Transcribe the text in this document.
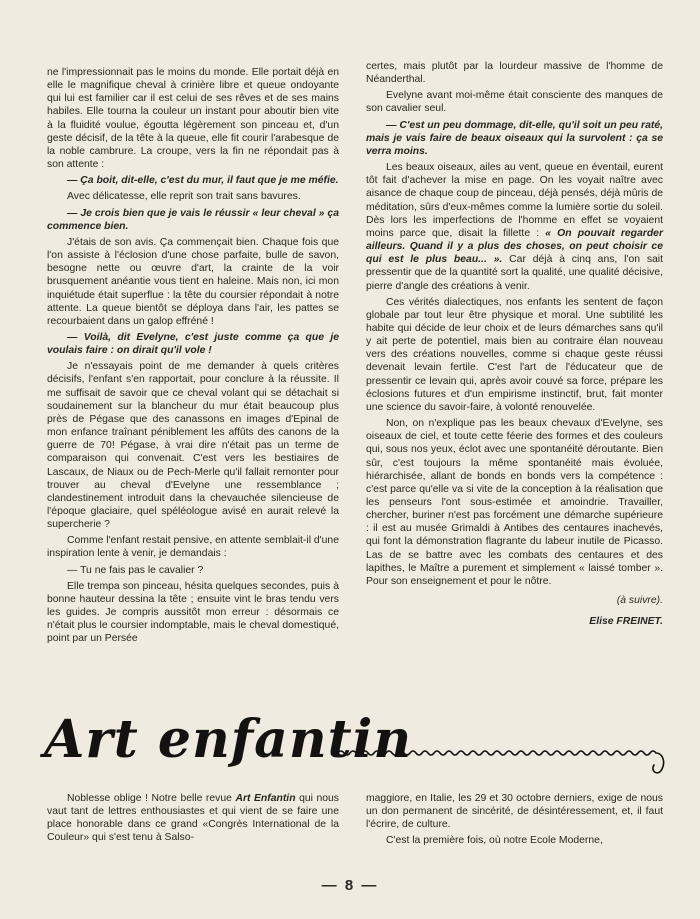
ne l'impressionnait pas le moins du monde. Elle portait déjà en elle le magnifique cheval à crinière libre et queue ondoyante qui lui est familier car il est celui de ses rêves et de ses mains habiles. Elle tourna la couleur un instant pour aboutir bien vite à la fluidité voulue, égoutta légèrement son pinceau et, d'un geste décisif, de la tête à la queue, elle fit courir l'arabesque de la noble cambrure. La croupe, vers la fin ne répondait pas à son attente :

— Ça boit, dit-elle, c'est du mur, il faut que je me méfie.

Avec délicatesse, elle reprit son trait sans bavures.

— Je crois bien que je vais le réussir « leur cheval » ça commence bien.

J'étais de son avis. Ça commençait bien. Chaque fois que l'on assiste à l'éclosion d'une chose parfaite, bulle de savon, besogne nette ou œuvre d'art, la crainte de la voir brusquement anéantie vous tient en haleine. Mais non, ici mon inquiétude était superflue : la tête du coursier répondait à notre attente. La queue bientôt se déploya dans l'air, les pattes se recourbaient dans un galop effréné !

— Voilà, dit Evelyne, c'est juste comme ça que je voulais faire : on dirait qu'il vole !

Je n'essayais point de me demander à quels critères décisifs, l'enfant s'en rapportait, pour conclure à la réussite. Il me suffisait de savoir que ce cheval volant qui se détachait si soudainement sur la blancheur du mur était beaucoup plus près de Pégase que des canassons en images d'Epinal de mon enfance traînant péniblement les affûts des canons de la guerre de 70! Pégase, à vrai dire n'était pas un terme de comparaison qui convenait. C'est vers les bestiaires de Lascaux, de Niaux ou de Pech-Merle qu'il fallait remonter pour trouver au cheval d'Evelyne une ressemblance ; clandestinement introduit dans la chevauchée silencieuse de l'époque glaciaire, quel spéléologue avisé en aurait relevé la supercherie ?

Comme l'enfant restait pensive, en attente semblait-il d'une inspiration lente à venir, je demandais :

— Tu ne fais pas le cavalier ?

Elle trempa son pinceau, hésita quelques secondes, puis à bonne hauteur dessina la tête ; ensuite vint le bras tendu vers les guides. Je compris aussitôt mon erreur : désormais ce n'était plus le coursier indomptable, mais le cheval domestiqué, point par un Persée

certes, mais plutôt par la lourdeur massive de l'homme de Néanderthal.

Evelyne avant moi-même était consciente des manques de son cavalier seul.

— C'est un peu dommage, dit-elle, qu'il soit un peu raté, mais je vais faire de beaux oiseaux qui la survolent : ça se verra moins.

Les beaux oiseaux, ailes au vent, queue en éventail, eurent tôt fait d'achever la mise en page. On les voyait naître avec aisance de chaque coup de pinceau, déjà pensés, déjà mûris de méditation, sûrs d'eux-mêmes comme la lumière sortie du soleil. Dès lors les imperfections de l'homme en effet se voyaient moins parce que, disait la fillette : « On pouvait regarder ailleurs. Quand il y a plus des choses, on peut choisir ce qui est le plus beau... ». Car déjà à cinq ans, l'on sait pressentir que de la quantité sort la qualité, une qualité décisive, pierre d'angle des créations à venir.

Ces vérités dialectiques, nos enfants les sentent de façon globale par tout leur être physique et moral. Une subtilité les habite qui décide de leur choix et de leurs démarches sans qu'il y ait perte de potentiel, mais bien au contraire élan nouveau vers des créations nouvelles, comme si chaque geste réussi devenait levain fertile. C'est l'art de l'éducateur que de pressentir ce levain qui, après avoir couvé sa force, prépare les éclosions futures et d'un empirisme instinctif, brut, fait monter une science du savoir-faire, à volonté renouvelée.

Non, on n'explique pas les beaux chevaux d'Evelyne, ses oiseaux de ciel, et toute cette féerie des formes et des couleurs qui, sous nos yeux, éclot avec une spontanéité déroutante. Bien sûr, c'est toujours la même spontanéité mais évoluée, hiérarchisée, allant de bonds en bonds vers la compétence : c'est parce qu'elle va si vite de la conception à la réalisation que les penseurs l'ont sous-estimée et amoindrie. Travailler, chercher, buriner n'est pas forcément une démarche supérieure : il est au musée Grimaldi à Antibes des centaures inachevés, qui font la démonstration flagrante du labeur inutile de Picasso. Las de se battre avec les combats des centaures et des lapithes, le Maître a purement et simplement « laissé tomber ». Pour son enseignement et pour le nôtre.

(à suivre).

Elise FREINET.

Art enfantin

Noblesse oblige ! Notre belle revue Art Enfantin qui nous vaut tant de lettres enthousiastes et qui vient de se faire une place honorable dans ce grand «Congrès International de la Couleur» qui s'est tenu à Salso-

maggiore, en Italie, les 29 et 30 octobre derniers, exige de nous un don permanent de sincérité, de désintéressement, et, il faut l'écrire, de culture.

C'est la première fois, où notre Ecole Moderne,

— 8 —
